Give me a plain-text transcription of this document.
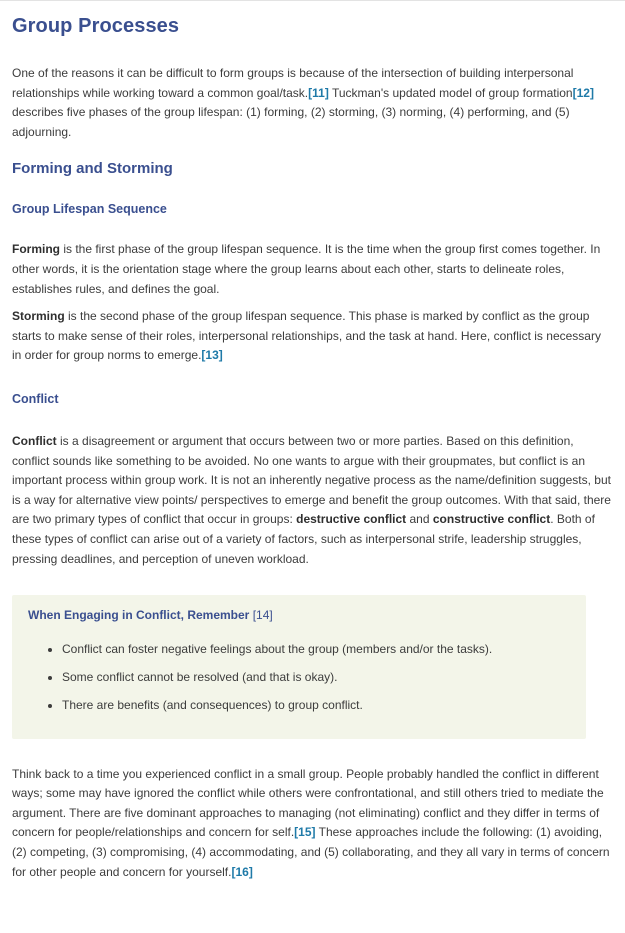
Group Processes

One of the reasons it can be difficult to form groups is because of the intersection of building interpersonal relationships while working toward a common goal/task.[11] Tuckman's updated model of group formation[12] describes five phases of the group lifespan: (1) forming, (2) storming, (3) norming, (4) performing, and (5) adjourning.

Forming and Storming
Group Lifespan Sequence

Forming is the first phase of the group lifespan sequence. It is the time when the group first comes together. In other words, it is the orientation stage where the group learns about each other, starts to delineate roles, establishes rules, and defines the goal.

Storming is the second phase of the group lifespan sequence. This phase is marked by conflict as the group starts to make sense of their roles, interpersonal relationships, and the task at hand. Here, conflict is necessary in order for group norms to emerge.[13]

Conflict

Conflict is a disagreement or argument that occurs between two or more parties. Based on this definition, conflict sounds like something to be avoided. No one wants to argue with their groupmates, but conflict is an important process within group work. It is not an inherently negative process as the name/definition suggests, but is a way for alternative view points/ perspectives to emerge and benefit the group outcomes. With that said, there are two primary types of conflict that occur in groups: destructive conflict and constructive conflict. Both of these types of conflict can arise out of a variety of factors, such as interpersonal strife, leadership struggles, pressing deadlines, and perception of uneven workload.

When Engaging in Conflict, Remember [14]

• Conflict can foster negative feelings about the group (members and/or the tasks).
• Some conflict cannot be resolved (and that is okay).
• There are benefits (and consequences) to group conflict.

Think back to a time you experienced conflict in a small group. People probably handled the conflict in different ways; some may have ignored the conflict while others were confrontational, and still others tried to mediate the argument. There are five dominant approaches to managing (not eliminating) conflict and they differ in terms of concern for people/relationships and concern for self.[15] These approaches include the following: (1) avoiding, (2) competing, (3) compromising, (4) accommodating, and (5) collaborating, and they all vary in terms of concern for other people and concern for yourself.[16]
